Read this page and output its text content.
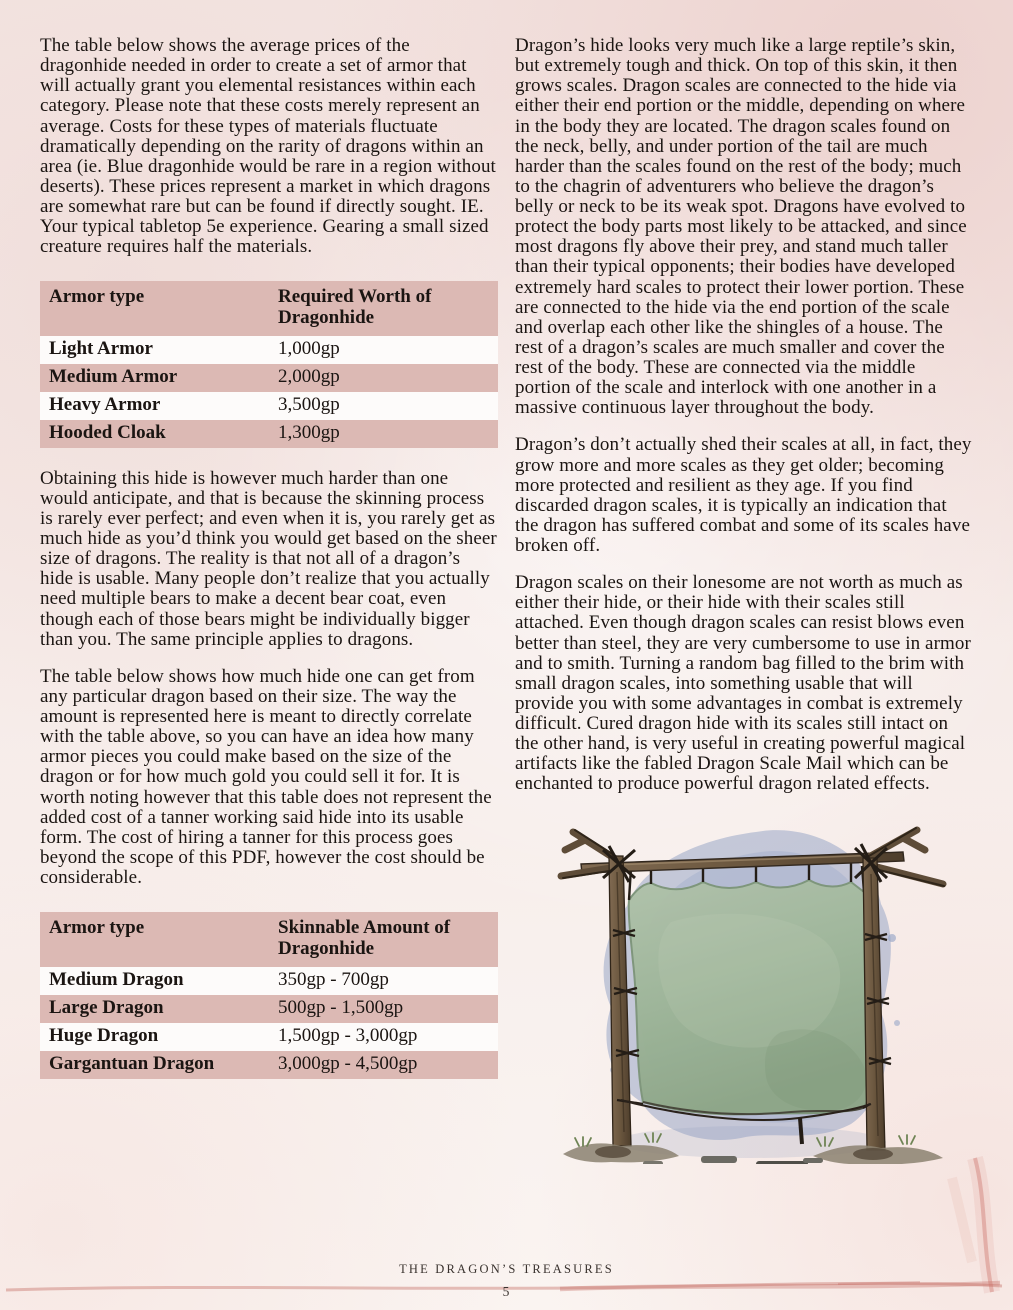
The table below shows the average prices of the dragonhide needed in order to create a set of armor that will actually grant you elemental resistances within each category. Please note that these costs merely represent an average. Costs for these types of materials fluctuate dramatically depending on the rarity of dragons within an area (ie. Blue dragonhide would be rare in a region without deserts). These prices represent a market in which dragons are somewhat rare but can be found if directly sought. IE. Your typical tabletop 5e experience. Gearing a small sized creature requires half the materials.

Armor type	Required Worth of Dragonhide
Light Armor	1,000gp
Medium Armor	2,000gp
Heavy Armor	3,500gp
Hooded Cloak	1,300gp

Obtaining this hide is however much harder than one would anticipate, and that is because the skinning process is rarely ever perfect; and even when it is, you rarely get as much hide as you’d think you would get based on the sheer size of dragons. The reality is that not all of a dragon’s hide is usable. Many people don’t realize that you actually need multiple bears to make a decent bear coat, even though each of those bears might be individually bigger than you. The same principle applies to dragons.

The table below shows how much hide one can get from any particular dragon based on their size. The way the amount is represented here is meant to directly correlate with the table above, so you can have an idea how many armor pieces you could make based on the size of the dragon or for how much gold you could sell it for. It is worth noting however that this table does not represent the added cost of a tanner working said hide into its usable form. The cost of hiring a tanner for this process goes beyond the scope of this PDF, however the cost should be considerable.

Armor type	Skinnable Amount of Dragonhide
Medium Dragon	350gp - 700gp
Large Dragon	500gp - 1,500gp
Huge Dragon	1,500gp - 3,000gp
Gargantuan Dragon	3,000gp - 4,500gp

Dragon’s hide looks very much like a large reptile’s skin, but extremely tough and thick. On top of this skin, it then grows scales. Dragon scales are connected to the hide via either their end portion or the middle, depending on where in the body they are located. The dragon scales found on the neck, belly, and under portion of the tail are much harder than the scales found on the rest of the body; much to the chagrin of adventurers who believe the dragon’s belly or neck to be its weak spot. Dragons have evolved to protect the body parts most likely to be attacked, and since most dragons fly above their prey, and stand much taller than their typical opponents; their bodies have developed extremely hard scales to protect their lower portion. These are connected to the hide via the end portion of the scale and overlap each other like the shingles of a house. The rest of a dragon’s scales are much smaller and cover the rest of the body. These are connected via the middle portion of the scale and interlock with one another in a massive continuous layer throughout the body.

Dragon’s don’t actually shed their scales at all, in fact, they grow more and more scales as they get older; becoming more protected and resilient as they age. If you find discarded dragon scales, it is typically an indication that the dragon has suffered combat and some of its scales have broken off.

Dragon scales on their lonesome are not worth as much as either their hide, or their hide with their scales still attached. Even though dragon scales can resist blows even better than steel, they are very cumbersome to use in armor and to smith. Turning a random bag filled to the brim with small dragon scales, into something usable that will provide you with some advantages in combat is extremely difficult. Cured dragon hide with its scales still intact on the other hand, is very useful in creating powerful magical artifacts like the fabled Dragon Scale Mail which can be enchanted to produce powerful dragon related effects.

THE DRAGON’S TREASURES
5
